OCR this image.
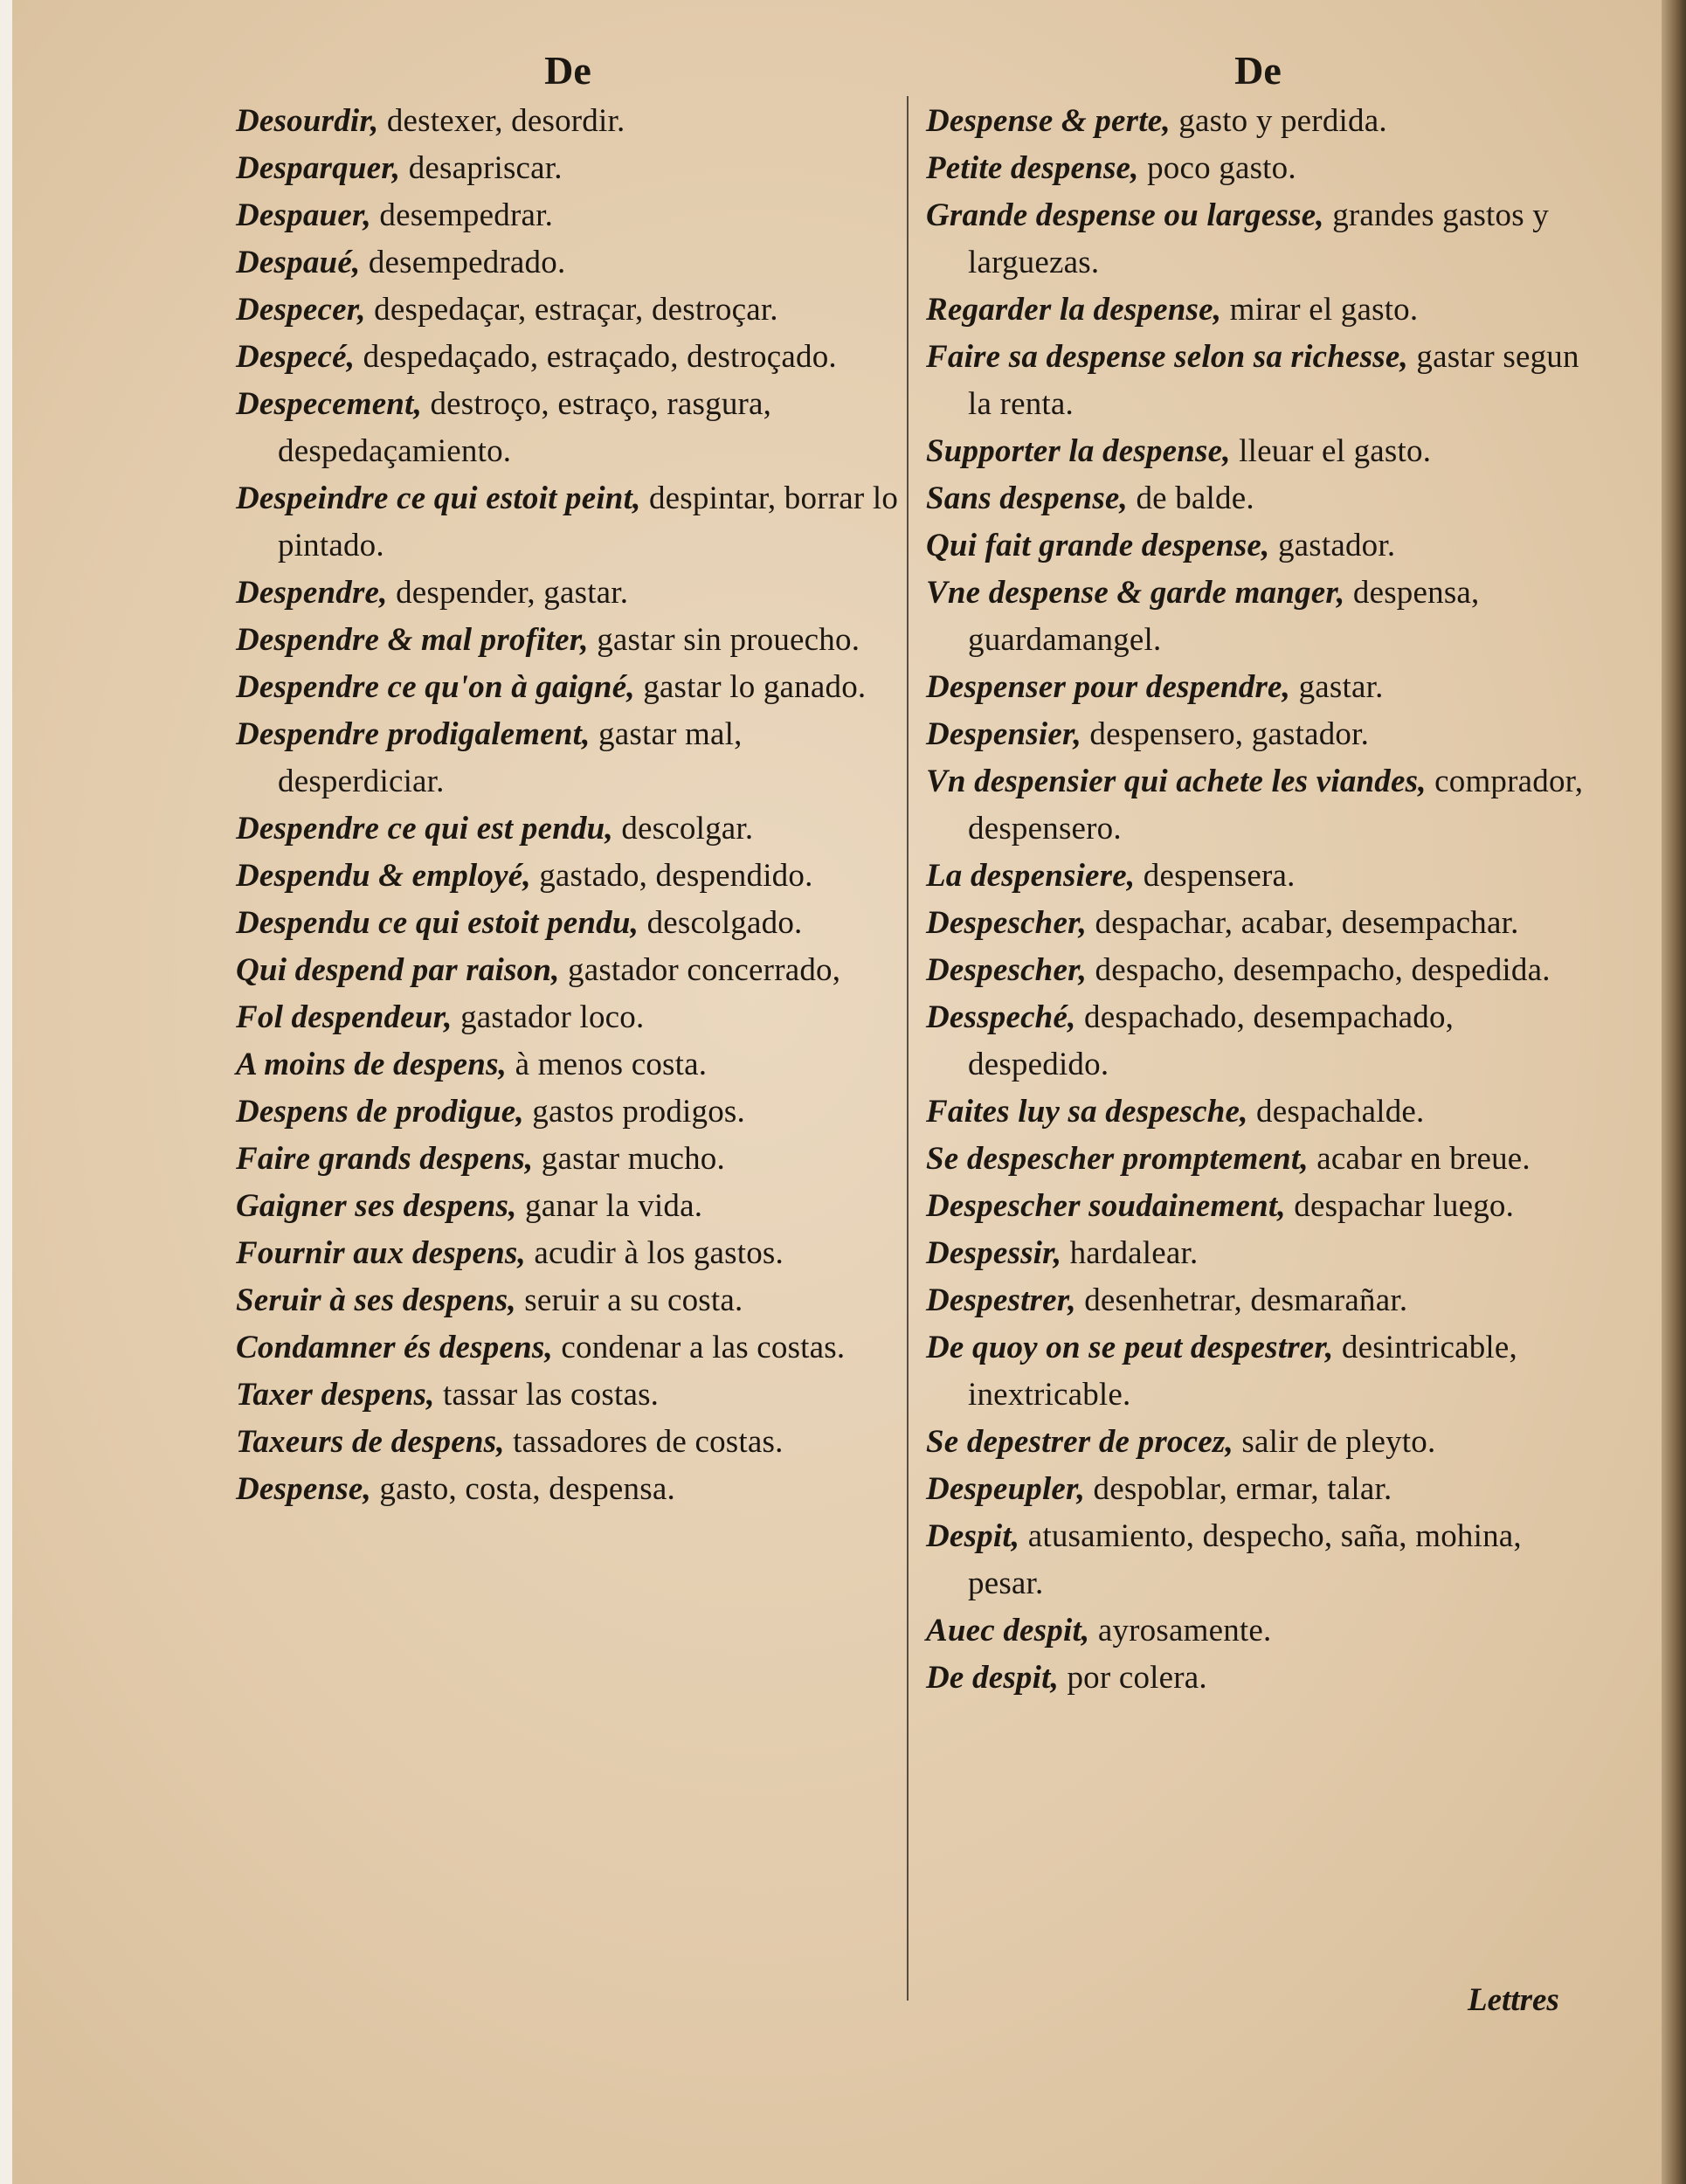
De
Desourdir, destexer, desordir.
Desparquer, desapriscar.
Despauer, desempedrar.
Despaué, desempedrado.
Despecer, despedaçar, estraçar, destroçar.
Despecé, despedaçado, estraçado, destroçado.
Despecement, destroço, estraço, rasgura, despedaçamiento.
Despeindre ce qui estoit peint, despintar, borrar lo pintado.
Despendre, despender, gastar.
Despendre & mal profiter, gastar sin prouecho.
Despendre ce qu'on à gaigné, gastar lo ganado.
Despendre prodigalement, gastar mal, desperdiciar.
Despendre ce qui est pendu, descolgar.
Despendu & employé, gastado, despendido.
Despendu ce qui estoit pendu, descolgado.
Qui despend par raison, gastador concerrado,
Fol despendeur, gastador loco.
A moins de despens, à menos costa.
Despens de prodigue, gastos prodigos.
Faire grands despens, gastar mucho.
Gaigner ses despens, ganar la vida.
Fournir aux despens, acudir à los gastos.
Seruir à ses despens, seruir a su costa.
Condamner és despens, condenar a las costas.
Taxer despens, tassar las costas.
Taxeurs de despens, tassadores de costas.
Despense, gasto, costa, despensa.
De
Despense & perte, gasto y perdida.
Petite despense, poco gasto.
Grande despense ou largesse, grandes gastos y larguezas.
Regarder la despense, mirar el gasto.
Faire sa despense selon sa richesse, gastar segun la renta.
Supporter la despense, lleuar el gasto.
Sans despense, de balde.
Qui fait grande despense, gastador.
Vne despense & garde manger, despensa, guardamangel.
Despenser pour despendre, gastar.
Despensier, despensero, gastador.
Vn despensier qui achete les viandes, comprador, despensero.
La despensiere, despensera.
Despescher, despachar, acabar, desempachar.
Despescher, despacho, desempacho, despedida.
Desspeché, despachado, desempachado, despedido.
Faites luy sa despesche, despachalde.
Se despescher promptement, acabar en breue.
Despescher soudainement, despachar luego.
Despessir, hardalear.
Despestrer, desenhetrar, desmarañar.
De quoy on se peut despestrer, desintricable, inextricable.
Se depestrer de procez, salir de pleyto.
Despeupler, despoblar, ermar, talar.
Despit, atusamiento, despecho, saña, mohina, pesar.
Auec despit, ayrosamente.
De despit, por colera.
Lettres
